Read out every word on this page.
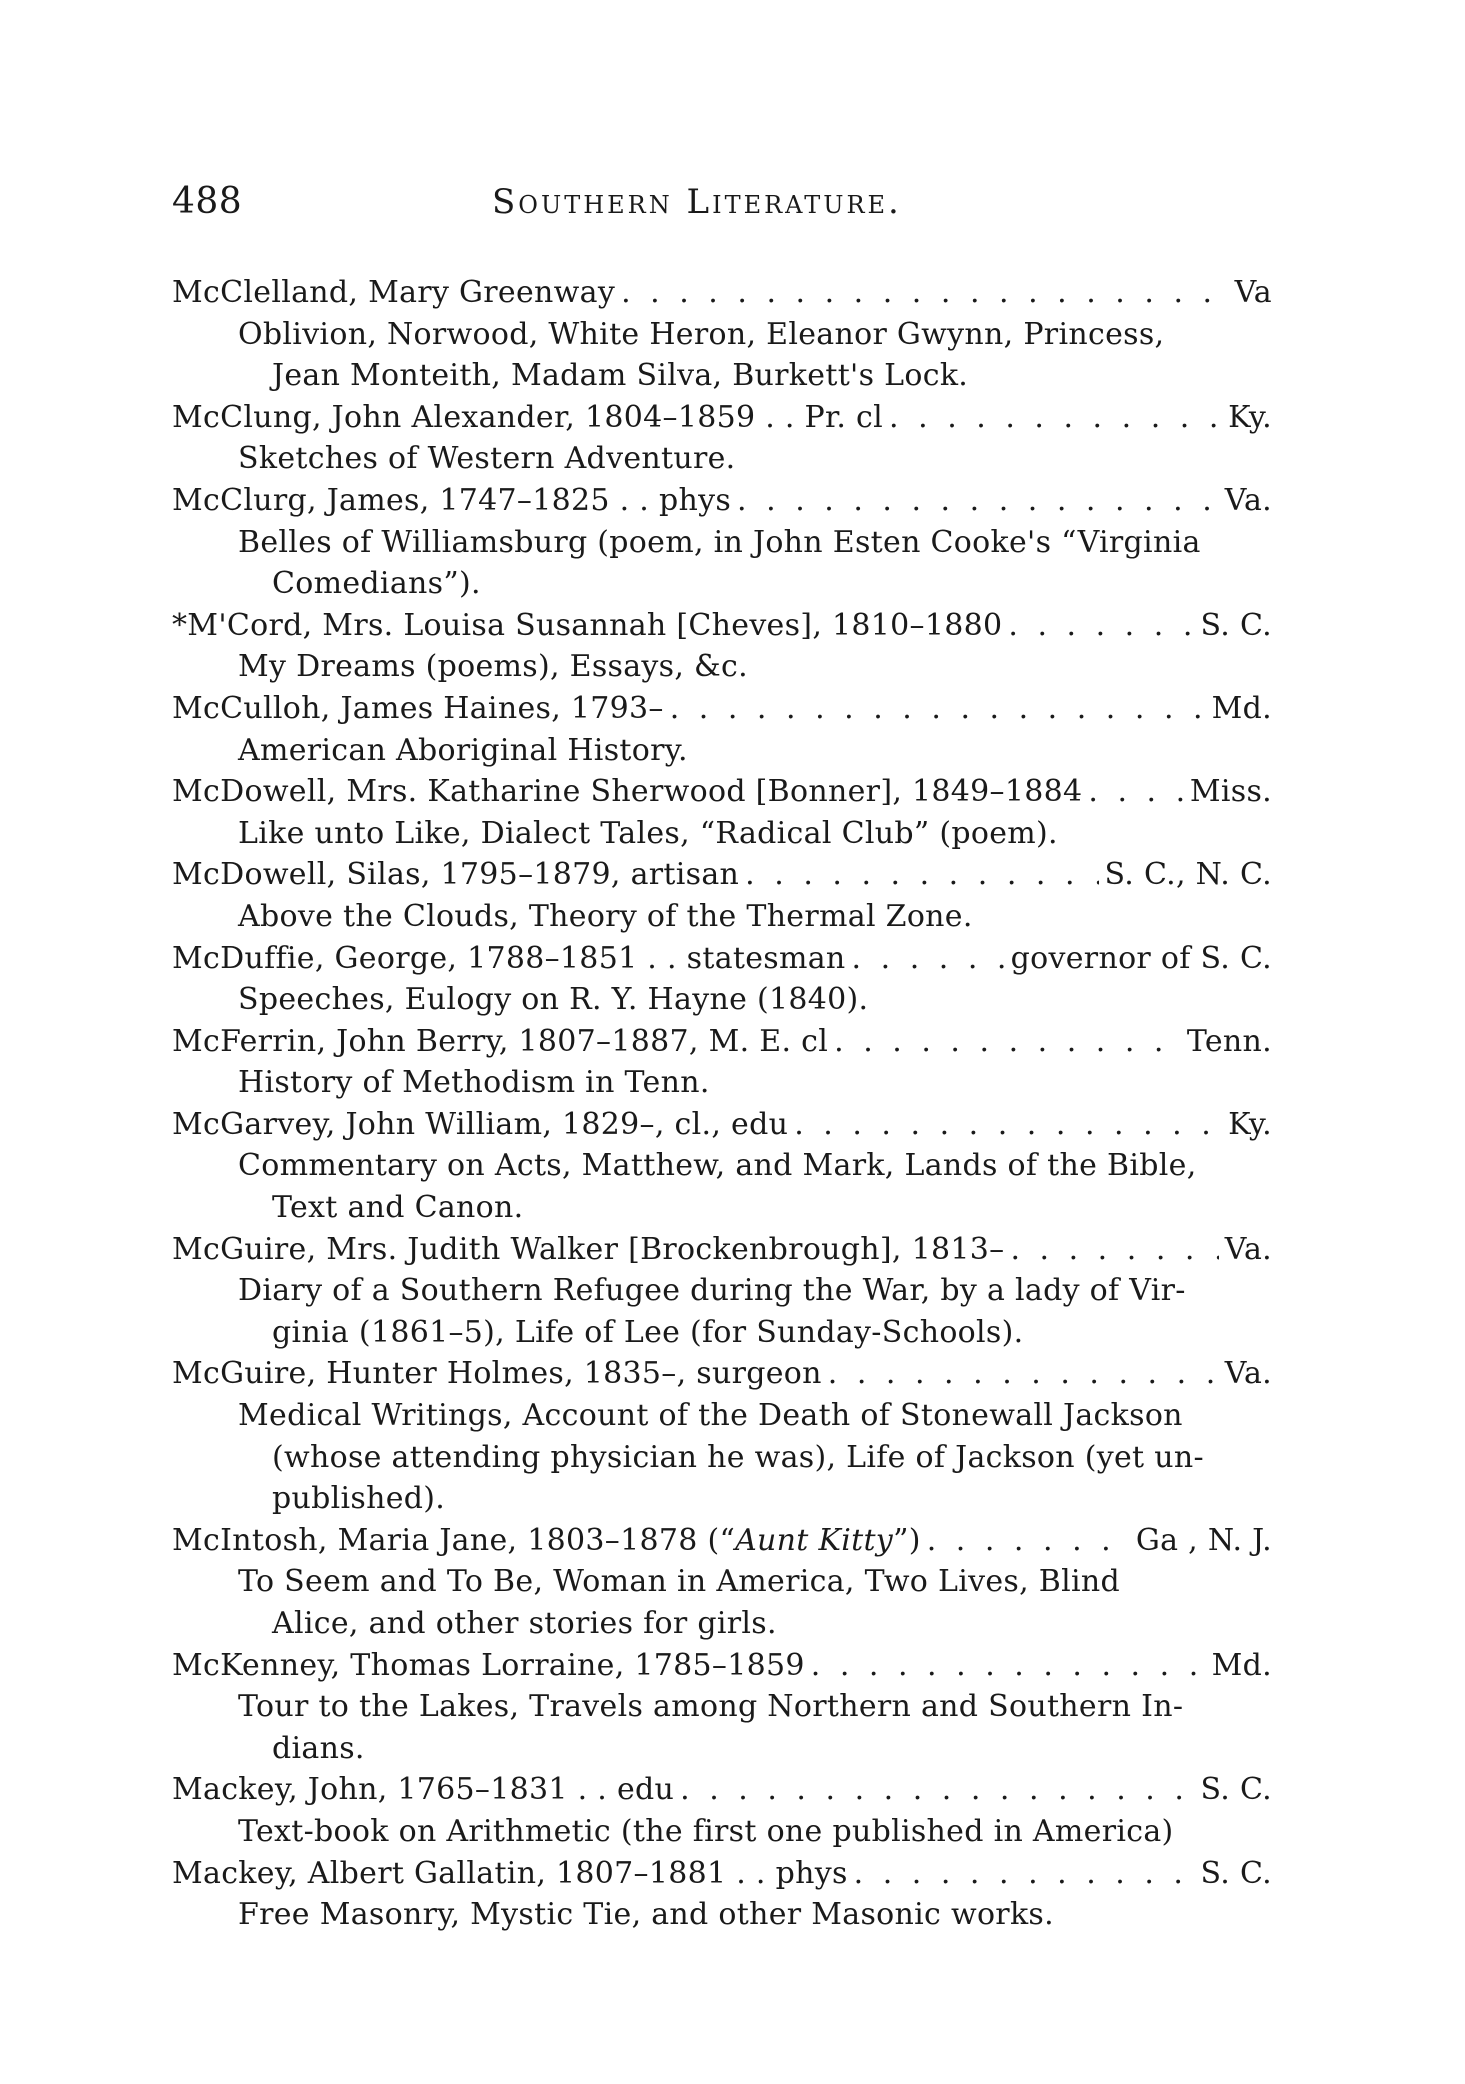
488	Southern Literature.
McClelland, Mary Greenway . . .	Va
Oblivion, Norwood, White Heron, Eleanor Gwynn, Princess,
Jean Monteith, Madam Silva, Burkett's Lock.
McClung, John Alexander, 1804–1859 . . Pr. cl . . .	Ky.
Sketches of Western Adventure.
McClurg, James, 1747–1825 . . phys . . .	Va.
Belles of Williamsburg (poem, in John Esten Cooke's “Virginia
Comedians”).
*M'Cord, Mrs. Louisa Susannah [Cheves], 1810–1880 . . .	S. C.
My Dreams (poems), Essays, &c.
McCulloh, James Haines, 1793– . . .	Md.
American Aboriginal History.
McDowell, Mrs. Katharine Sherwood [Bonner], 1849–1884 . . .	Miss.
Like unto Like, Dialect Tales, “Radical Club” (poem).
McDowell, Silas, 1795–1879, artisan . . .	S. C., N. C.
Above the Clouds, Theory of the Thermal Zone.
McDuffie, George, 1788–1851 . . statesman . . .	governor of S. C.
Speeches, Eulogy on R. Y. Hayne (1840).
McFerrin, John Berry, 1807–1887, M. E. cl . . .	Tenn.
History of Methodism in Tenn.
McGarvey, John William, 1829–, cl., edu . . .	Ky.
Commentary on Acts, Matthew, and Mark, Lands of the Bible,
Text and Canon.
McGuire, Mrs. Judith Walker [Brockenbrough], 1813– . . .	Va.
Diary of a Southern Refugee during the War, by a lady of Vir-
ginia (1861–5), Life of Lee (for Sunday-Schools).
McGuire, Hunter Holmes, 1835–, surgeon . . .	Va.
Medical Writings, Account of the Death of Stonewall Jackson
(whose attending physician he was), Life of Jackson (yet un-
published).
McIntosh, Maria Jane, 1803–1878 (“Aunt Kitty”) . . .	Ga , N. J.
To Seem and To Be, Woman in America, Two Lives, Blind
Alice, and other stories for girls.
McKenney, Thomas Lorraine, 1785–1859 . . .	Md.
Tour to the Lakes, Travels among Northern and Southern In-
dians.
Mackey, John, 1765–1831 . . edu . . .	S. C.
Text-book on Arithmetic (the first one published in America)
Mackey, Albert Gallatin, 1807–1881 . . phys . . .	S. C.
Free Masonry, Mystic Tie, and other Masonic works.
